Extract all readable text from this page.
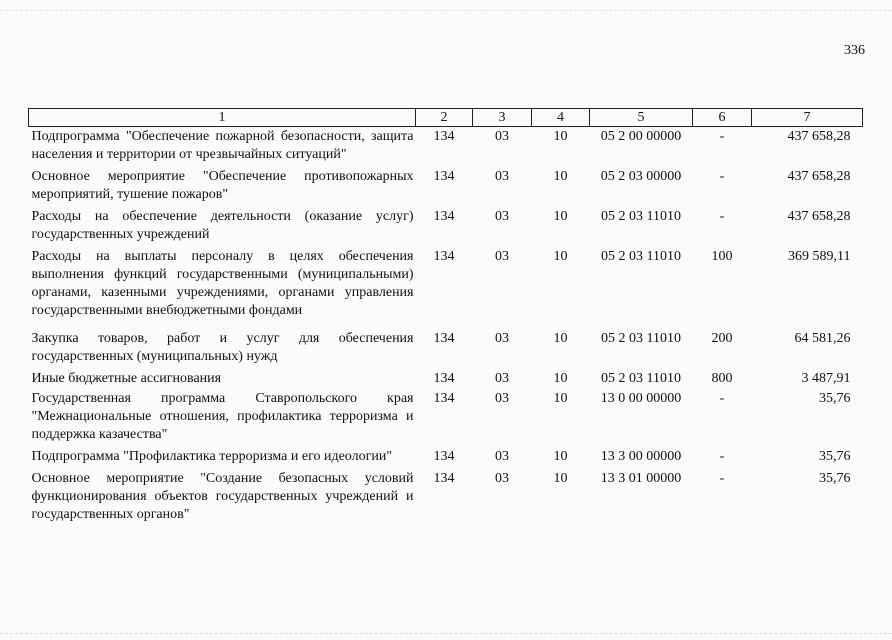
336
1	2	3	4	5	6	7
Подпрограмма "Обеспечение пожарной безопасности, защита населения и территории от чрезвычайных ситуаций"	134	03	10	05 2 00 00000	-	437 658,28
Основное мероприятие "Обеспечение противопожарных мероприятий, тушение пожаров"	134	03	10	05 2 03 00000	-	437 658,28
Расходы на обеспечение деятельности (оказание услуг) государственных учреждений	134	03	10	05 2 03 11010	-	437 658,28
Расходы на выплаты персоналу в целях обеспечения выполнения функций государственными (муниципальными) органами, казенными учреждениями, органами управления государственными внебюджетными фондами	134	03	10	05 2 03 11010	100	369 589,11
Закупка товаров, работ и услуг для обеспечения государственных (муниципальных) нужд	134	03	10	05 2 03 11010	200	64 581,26
Иные бюджетные ассигнования	134	03	10	05 2 03 11010	800	3 487,91
Государственная программа Ставропольского края "Межнациональные отношения, профилактика терроризма и поддержка казачества"	134	03	10	13 0 00 00000	-	35,76
Подпрограмма "Профилактика терроризма и его идеологии"	134	03	10	13 3 00 00000	-	35,76
Основное мероприятие "Создание безопасных условий функционирования объектов государственных учреждений и государственных органов"	134	03	10	13 3 01 00000	-	35,76
